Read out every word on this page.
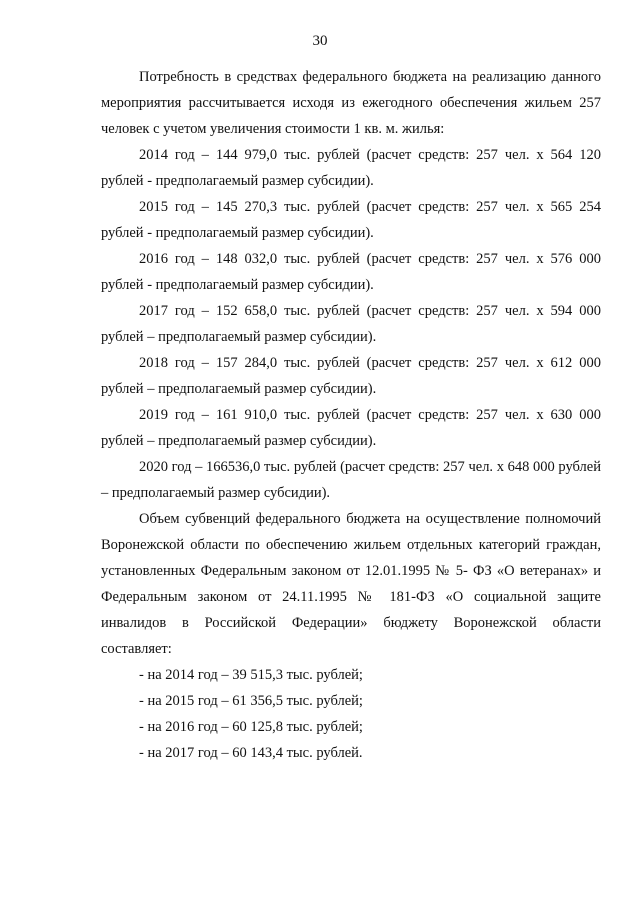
30

Потребность в средствах федерального бюджета на реализацию данного мероприятия рассчитывается исходя из ежегодного обеспечения жильем 257 человек с учетом увеличения стоимости 1 кв. м. жилья:

2014 год – 144 979,0 тыс. рублей (расчет средств: 257 чел. х 564 120 рублей - предполагаемый размер субсидии).

2015 год – 145 270,3 тыс. рублей (расчет средств: 257 чел. х 565 254 рублей - предполагаемый размер субсидии).

2016 год – 148 032,0 тыс. рублей (расчет средств: 257 чел. х 576 000 рублей - предполагаемый размер субсидии).

2017 год – 152 658,0 тыс. рублей (расчет средств: 257 чел. х 594 000 рублей – предполагаемый размер субсидии).

2018 год – 157 284,0 тыс. рублей (расчет средств: 257 чел. х 612 000 рублей – предполагаемый размер субсидии).

2019 год – 161 910,0 тыс. рублей (расчет средств: 257 чел. х 630 000 рублей – предполагаемый размер субсидии).

2020 год – 166536,0 тыс. рублей (расчет средств: 257 чел. х 648 000 рублей – предполагаемый размер субсидии).

Объем субвенций федерального бюджета на осуществление полномочий Воронежской области по обеспечению жильем отдельных категорий граждан, установленных Федеральным законом от 12.01.1995 № 5- ФЗ «О ветеранах» и Федеральным законом от 24.11.1995 № 181-ФЗ «О социальной защите инвалидов в Российской Федерации» бюджету Воронежской области составляет:

- на 2014 год – 39 515,3 тыс. рублей;
- на 2015 год – 61 356,5 тыс. рублей;
- на 2016 год – 60 125,8 тыс. рублей;
- на 2017 год – 60 143,4 тыс. рублей.
